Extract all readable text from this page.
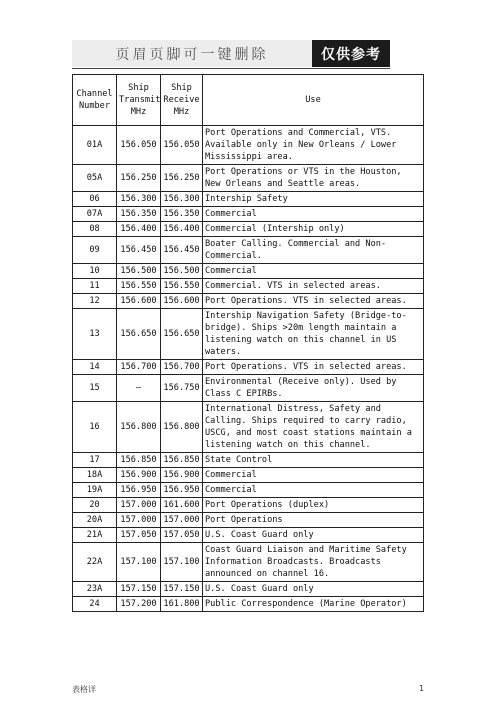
页眉页脚可一键删除	仅供参考
Channel Number	Ship Transmit MHz	Ship Receive MHz	Use
01A	156.050	156.050	Port Operations and Commercial, VTS. Available only in New Orleans / Lower Mississippi area.
05A	156.250	156.250	Port Operations or VTS in the Houston, New Orleans and Seattle areas.
06	156.300	156.300	Intership Safety
07A	156.350	156.350	Commercial
08	156.400	156.400	Commercial (Intership only)
09	156.450	156.450	Boater Calling. Commercial and Non-Commercial.
10	156.500	156.500	Commercial
11	156.550	156.550	Commercial. VTS in selected areas.
12	156.600	156.600	Port Operations. VTS in selected areas.
13	156.650	156.650	Intership Navigation Safety (Bridge-to-bridge). Ships >20m length maintain a listening watch on this channel in US waters.
14	156.700	156.700	Port Operations. VTS in selected areas.
15	—	156.750	Environmental (Receive only). Used by Class C EPIRBs.
16	156.800	156.800	International Distress, Safety and Calling. Ships required to carry radio, USCG, and most coast stations maintain a listening watch on this channel.
17	156.850	156.850	State Control
18A	156.900	156.900	Commercial
19A	156.950	156.950	Commercial
20	157.000	161.600	Port Operations (duplex)
20A	157.000	157.000	Port Operations
21A	157.050	157.050	U.S. Coast Guard only
22A	157.100	157.100	Coast Guard Liaison and Maritime Safety Information Broadcasts. Broadcasts announced on channel 16.
23A	157.150	157.150	U.S. Coast Guard only
24	157.200	161.800	Public Correspondence (Marine Operator)
表格详	1
